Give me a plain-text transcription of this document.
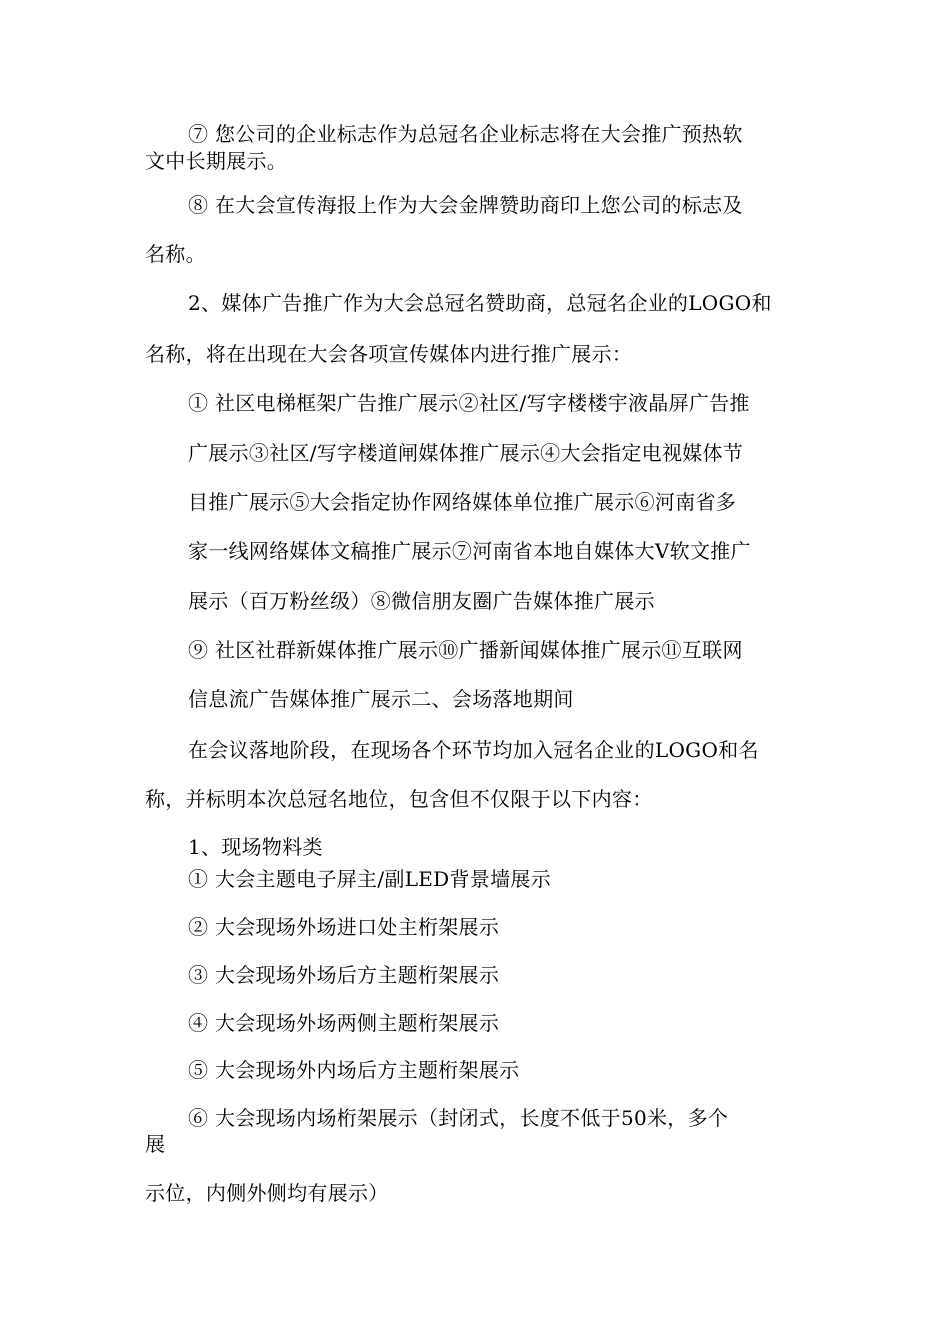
⑦ 您公司的企业标志作为总冠名企业标志将在大会推广预热软
文中长期展示。
⑧ 在大会宣传海报上作为大会金牌赞助商印上您公司的标志及
名称。
2、媒体广告推广作为大会总冠名赞助商，总冠名企业的LOGO和
名称，将在出现在大会各项宣传媒体内进行推广展示：
① 社区电梯框架广告推广展示②社区/写字楼楼宇液晶屏广告推
广展示③社区/写字楼道闸媒体推广展示④大会指定电视媒体节
目推广展示⑤大会指定协作网络媒体单位推广展示⑥河南省多
家一线网络媒体文稿推广展示⑦河南省本地自媒体大V软文推广
展示（百万粉丝级）⑧微信朋友圈广告媒体推广展示
⑨ 社区社群新媒体推广展示⑩广播新闻媒体推广展示⑪互联网
信息流广告媒体推广展示二、会场落地期间
在会议落地阶段，在现场各个环节均加入冠名企业的LOGO和名
称，并标明本次总冠名地位，包含但不仅限于以下内容：
1、现场物料类
① 大会主题电子屏主/副LED背景墙展示
② 大会现场外场进口处主桁架展示
③ 大会现场外场后方主题桁架展示
④ 大会现场外场两侧主题桁架展示
⑤ 大会现场外内场后方主题桁架展示
⑥ 大会现场内场桁架展示（封闭式，长度不低于50米，多个
展
示位，内侧外侧均有展示）
